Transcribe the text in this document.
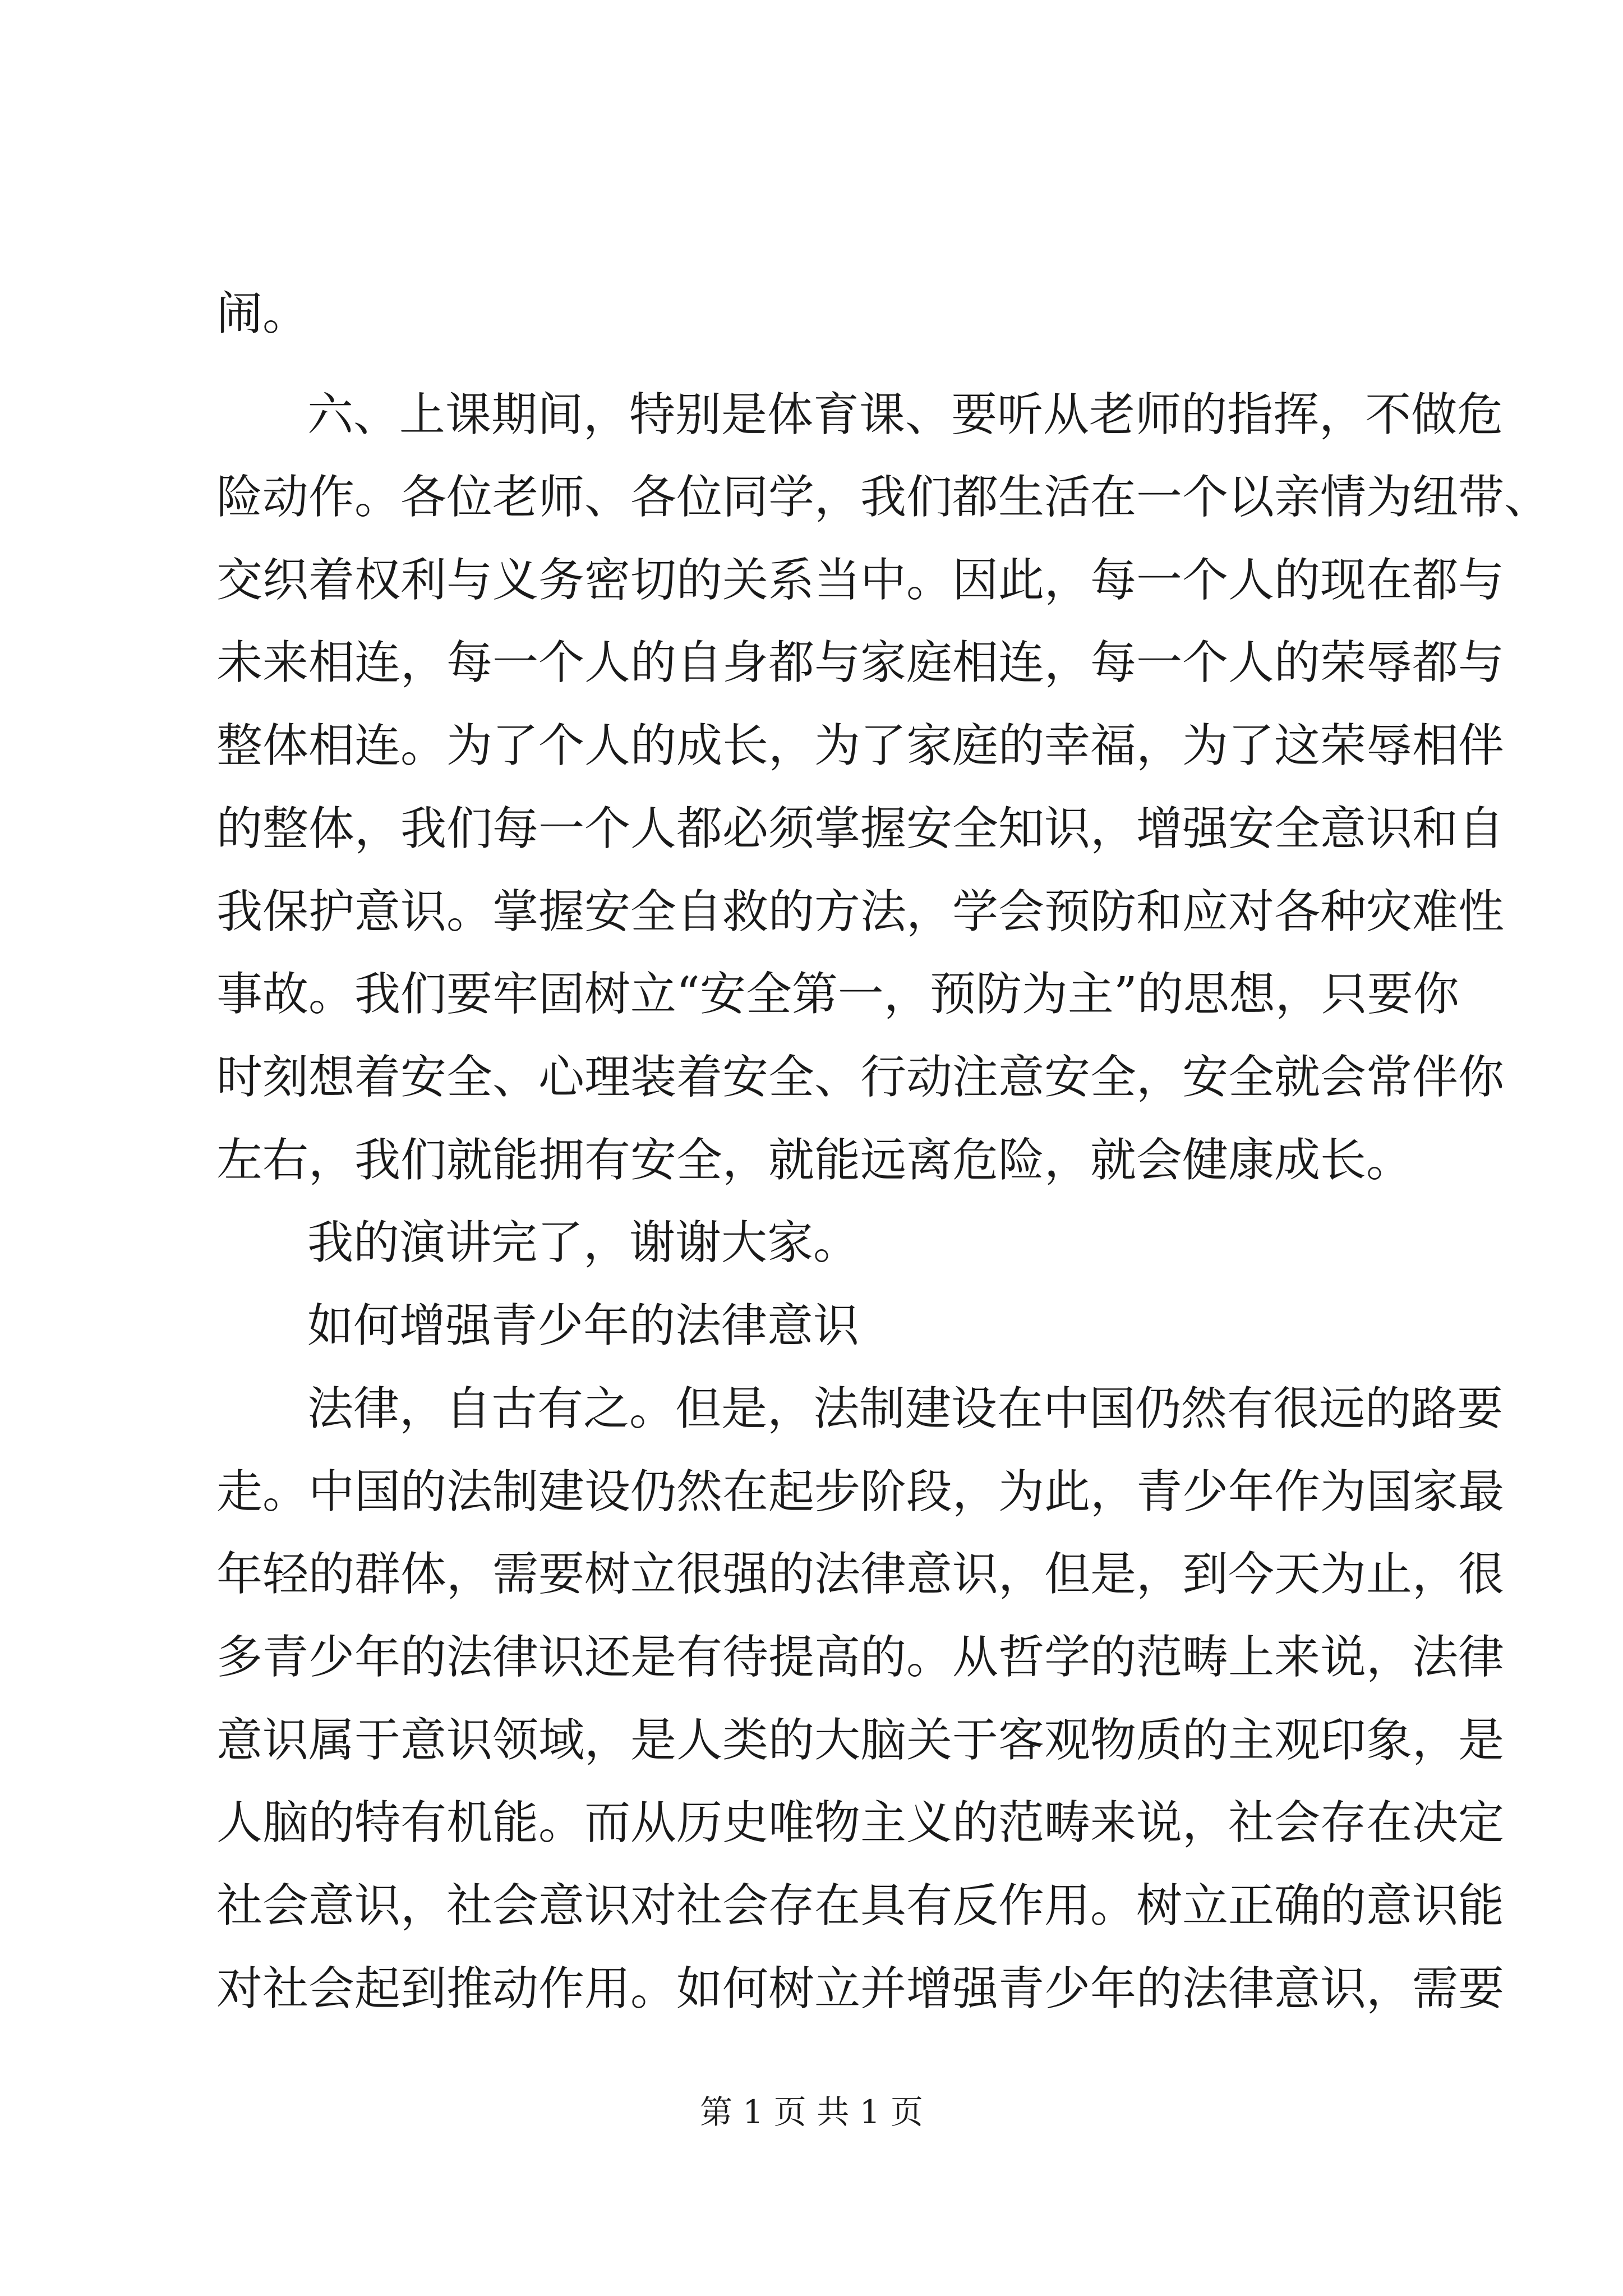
闹。
六、上课期间，特别是体育课、要听从老师的指挥，不做危
险动作。各位老师、各位同学，我们都生活在一个以亲情为纽带、
交织着权利与义务密切的关系当中。因此，每一个人的现在都与
未来相连，每一个人的自身都与家庭相连，每一个人的荣辱都与
整体相连。为了个人的成长，为了家庭的幸福，为了这荣辱相伴
的整体，我们每一个人都必须掌握安全知识，增强安全意识和自
我保护意识。掌握安全自救的方法，学会预防和应对各种灾难性
事故。我们要牢固树立“安全第一，预防为主”的思想，只要你
时刻想着安全、心理装着安全、行动注意安全，安全就会常伴你
左右，我们就能拥有安全，就能远离危险，就会健康成长。
我的演讲完了，谢谢大家。
如何增强青少年的法律意识
法律，自古有之。但是，法制建设在中国仍然有很远的路要
走。中国的法制建设仍然在起步阶段，为此，青少年作为国家最
年轻的群体，需要树立很强的法律意识，但是，到今天为止，很
多青少年的法律识还是有待提高的。从哲学的范畴上来说，法律
意识属于意识领域，是人类的大脑关于客观物质的主观印象，是
人脑的特有机能。而从历史唯物主义的范畴来说，社会存在决定
社会意识，社会意识对社会存在具有反作用。树立正确的意识能
对社会起到推动作用。如何树立并增强青少年的法律意识，需要
第 1 页 共 1 页
